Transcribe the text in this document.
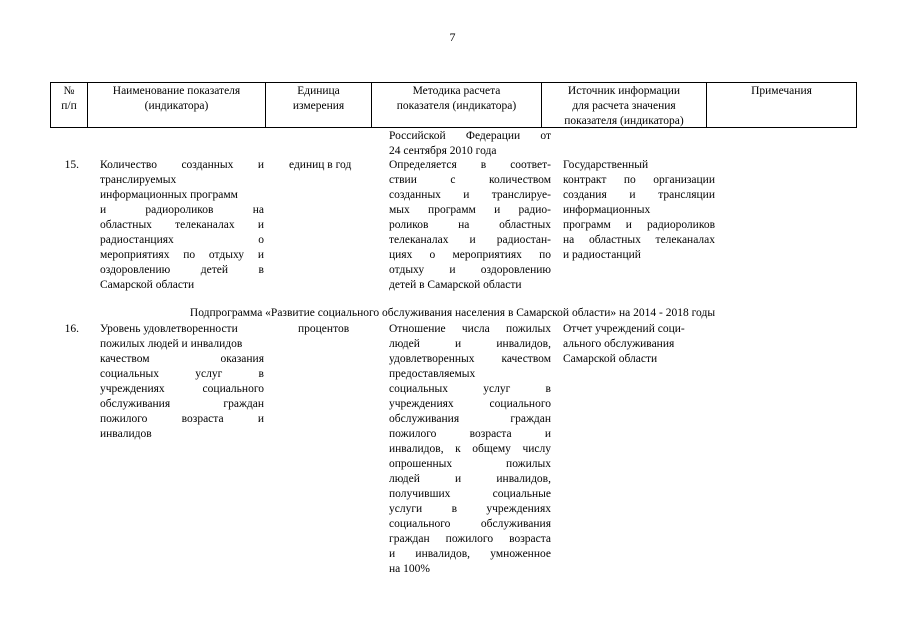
7
№
п/п
Наименование показателя
(индикатора)
Единица
измерения
Методика расчета
показателя (индикатора)
Источник информации
для расчета значения
показателя (индикатора)
Примечания
Российской Федерации от
24 сентября 2010 года
15. Количество созданных и
транслируемых
информационных программ
и радиороликов на
областных телеканалах и
радиостанциях о
мероприятиях по отдыху и
оздоровлению детей в
Самарской области
единиц в год	Определяется в соответ-
ствии с количеством
созданных и транслируе-
мых программ и радио-
роликов на областных
телеканалах и радиостан-
циях о мероприятиях по
отдыху и оздоровлению
детей в Самарской области
Государственный
контракт по организации
создания и трансляции
информационных
программ и радиороликов
на областных телеканалах
и радиостанций
Подпрограмма «Развитие социального обслуживания населения в Самарской области» на 2014 - 2018 годы
16. Уровень удовлетворенности
пожилых людей и инвалидов
качеством оказания
социальных услуг в
учреждениях социального
обслуживания граждан
пожилого возраста и
инвалидов
процентов	Отношение числа пожилых
людей и инвалидов,
удовлетворенных качеством
предоставляемых
социальных услуг в
учреждениях социального
обслуживания граждан
пожилого возраста и
инвалидов, к общему числу
опрошенных пожилых
людей и инвалидов,
получивших социальные
услуги в учреждениях
социального обслуживания
граждан пожилого возраста
и инвалидов, умноженное
на 100%
Отчет учреждений соци-
ального обслуживания
Самарской области
